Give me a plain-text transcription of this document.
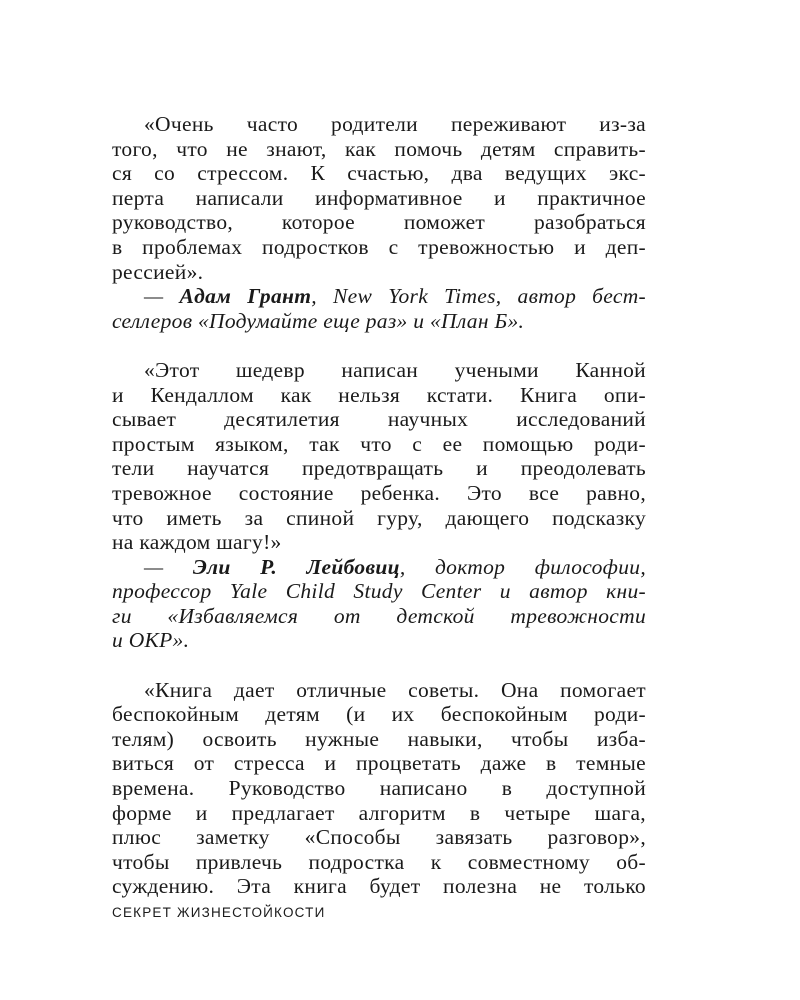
«Очень часто родители переживают из-за
того, что не знают, как помочь детям справить-
ся со стрессом. К счастью, два ведущих экс-
перта написали информативное и практичное
руководство, которое поможет разобраться
в проблемах подростков с тревожностью и деп-
рессией».
— Адам Грант, New York Times, автор бест-
селлеров «Подумайте еще раз» и «План Б».
«Этот шедевр написан учеными Канной
и Кендаллом как нельзя кстати. Книга опи-
сывает десятилетия научных исследований
простым языком, так что с ее помощью роди-
тели научатся предотвращать и преодолевать
тревожное состояние ребенка. Это все равно,
что иметь за спиной гуру, дающего подсказку
на каждом шагу!»
— Эли Р. Лейбовиц, доктор философии,
профессор Yale Child Study Center и автор кни-
ги «Избавляемся от детской тревожности
и ОКР».
«Книга дает отличные советы. Она помогает
беспокойным детям (и их беспокойным роди-
телям) освоить нужные навыки, чтобы изба-
виться от стресса и процветать даже в темные
времена. Руководство написано в доступной
форме и предлагает алгоритм в четыре шага,
плюс заметку «Способы завязать разговор»,
чтобы привлечь подростка к совместному об-
суждению. Эта книга будет полезна не только
СЕКРЕТ ЖИЗНЕСТОЙКОСТИ
